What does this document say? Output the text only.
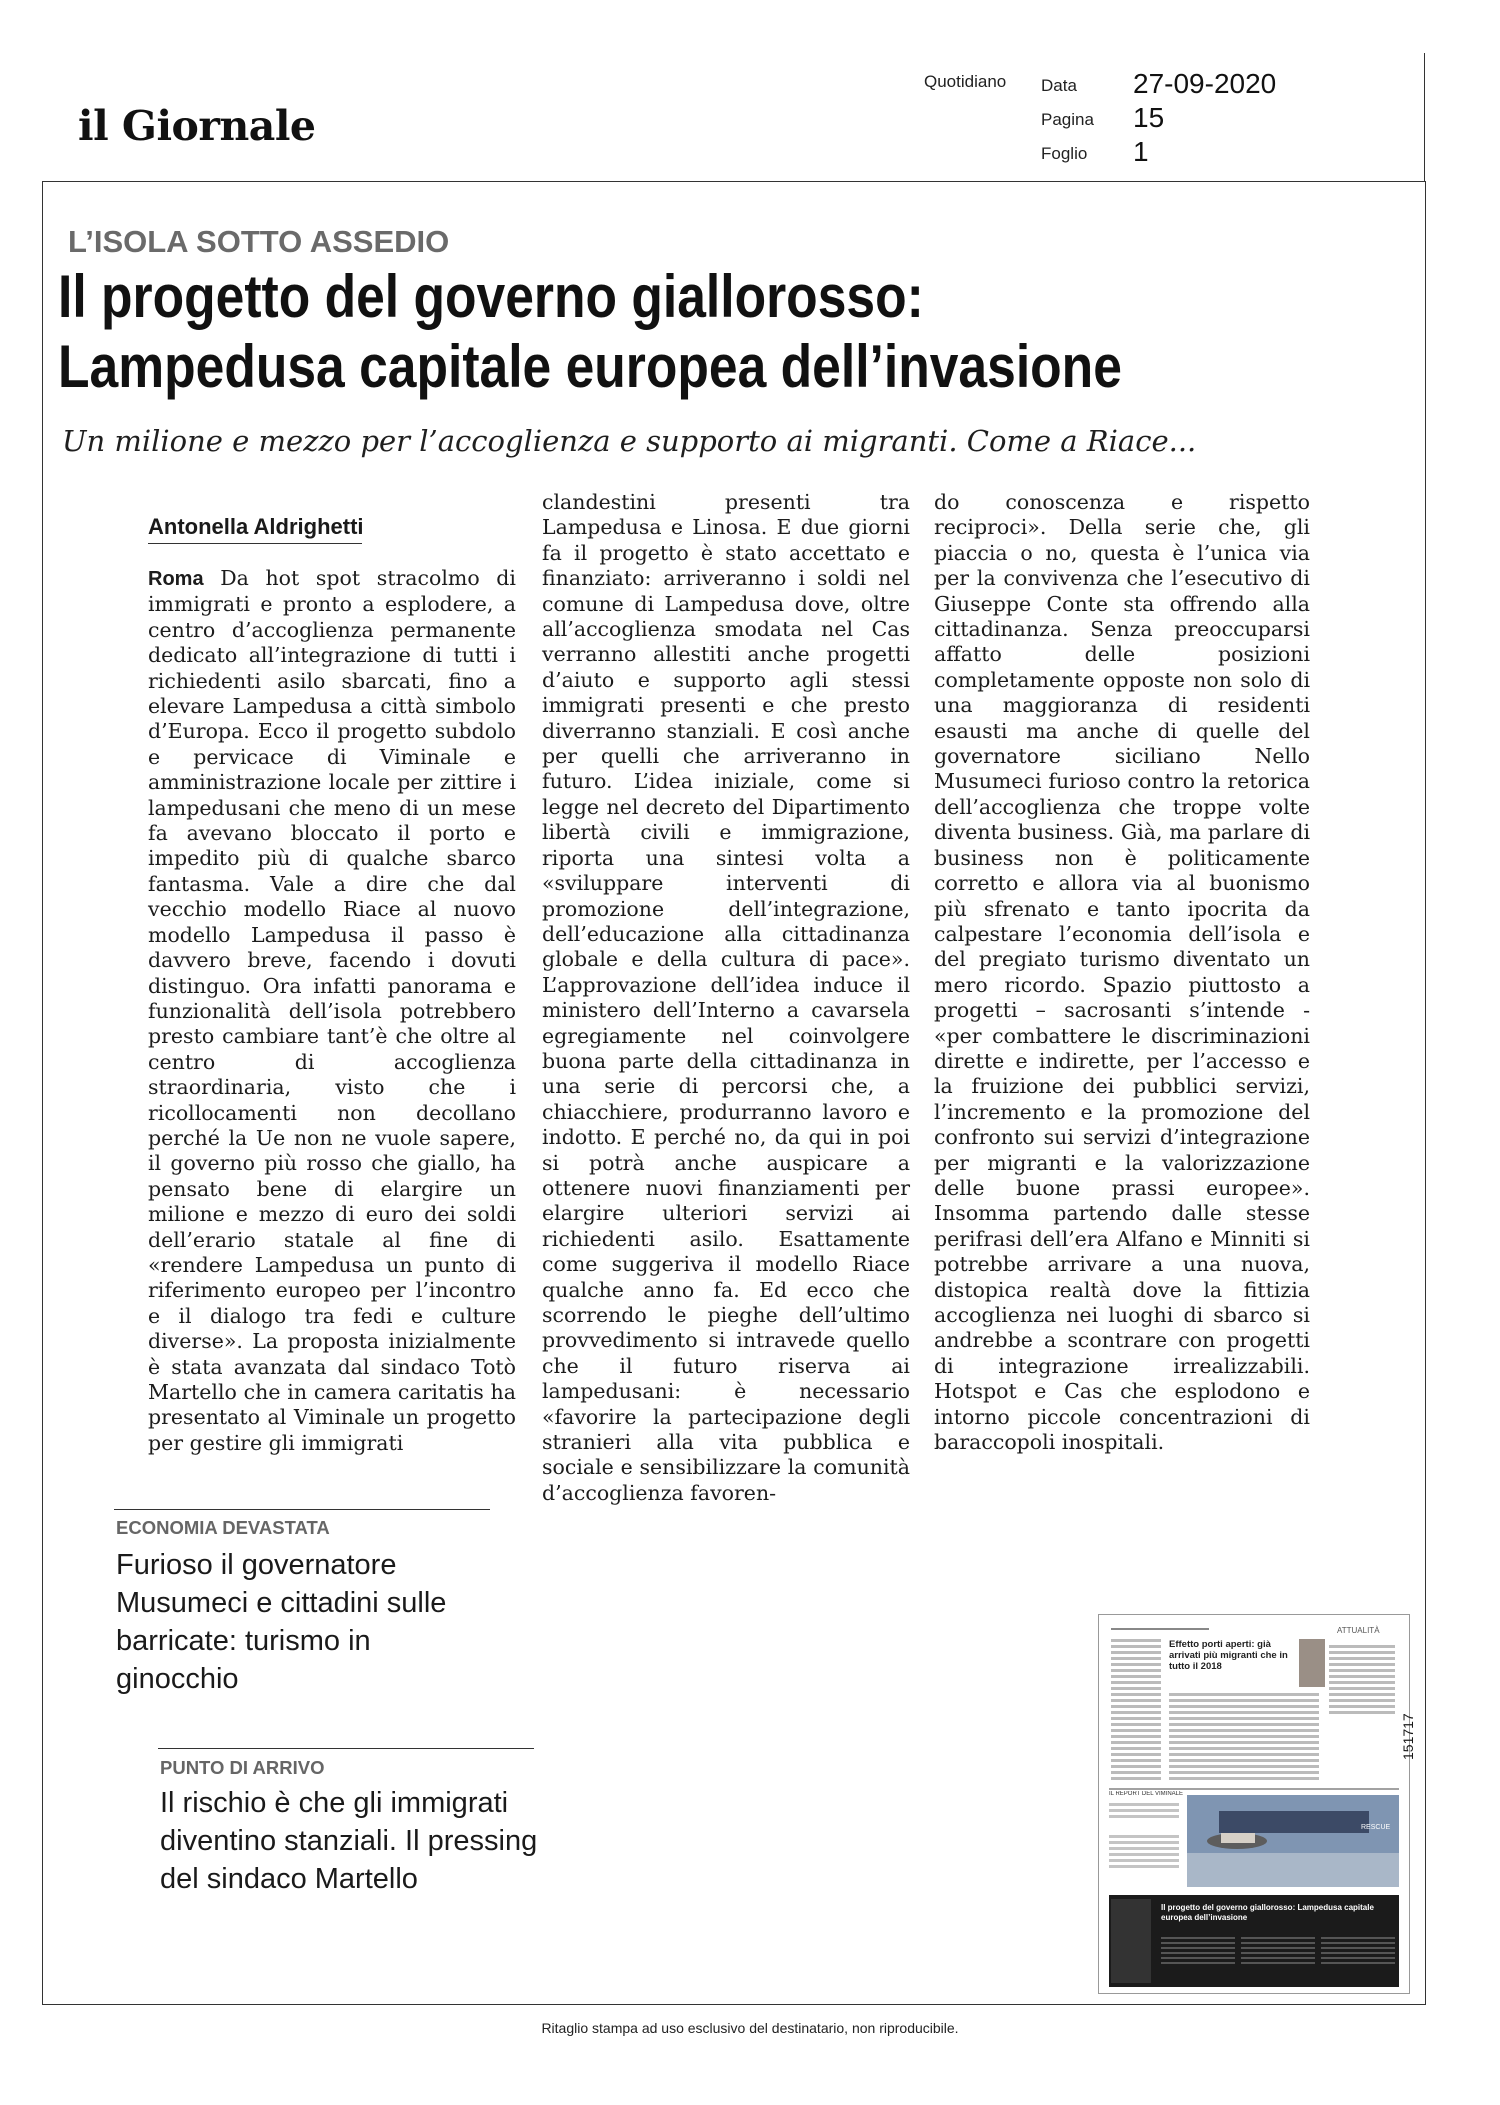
il Giornale
Quotidiano Data 27-09-2020
Pagina 15
Foglio 1
L’ISOLA SOTTO ASSEDIO
Il progetto del governo giallorosso:
Lampedusa capitale europea dell’invasione
Un milione e mezzo per l’accoglienza e supporto ai migranti. Come a Riace...
Antonella Aldrighetti

Roma Da hot spot stracolmo di immigrati e pronto a esplodere, a centro d’accoglienza permanente dedicato all’integrazione di tutti i richiedenti asilo sbarcati, fino a elevare Lampedusa a città simbolo d’Europa. Ecco il progetto subdolo e pervicace di Viminale e amministrazione locale per zittire i lampedusani che meno di un mese fa avevano bloccato il porto e impedito più di qualche sbarco fantasma. Vale a dire che dal vecchio modello Riace al nuovo modello Lampedusa il passo è davvero breve, facendo i dovuti distinguo. Ora infatti panorama e funzionalità dell’isola potrebbero presto cambiare tant’è che oltre al centro di accoglienza straordinaria, visto che i ricollocamenti non decollano perché la Ue non ne vuole sapere, il governo più rosso che giallo, ha pensato bene di elargire un milione e mezzo di euro dei soldi dell’erario statale al fine di «rendere Lampedusa un punto di riferimento europeo per l’incontro e il dialogo tra fedi e culture diverse». La proposta inizialmente è stata avanzata dal sindaco Totò Martello che in camera caritatis ha presentato al Viminale un progetto per gestire gli immigrati

clandestini presenti tra Lampedusa e Linosa. E due giorni fa il progetto è stato accettato e finanziato: arriveranno i soldi nel comune di Lampedusa dove, oltre all’accoglienza smodata nel Cas verranno allestiti anche progetti d’aiuto e supporto agli stessi immigrati presenti e che presto diverranno stanziali. E così anche per quelli che arriveranno in futuro. L’idea iniziale, come si legge nel decreto del Dipartimento libertà civili e immigrazione, riporta una sintesi volta a «sviluppare interventi di promozione dell’integrazione, dell’educazione alla cittadinanza globale e della cultura di pace». L’approvazione dell’idea induce il ministero dell’Interno a cavarsela egregiamente nel coinvolgere buona parte della cittadinanza in una serie di percorsi che, a chiacchiere, produrranno lavoro e indotto. E perché no, da qui in poi si potrà anche auspicare a ottenere nuovi finanziamenti per elargire ulteriori servizi ai richiedenti asilo. Esattamente come suggeriva il modello Riace qualche anno fa. Ed ecco che scorrendo le pieghe dell’ultimo provvedimento si intravede quello che il futuro riserva ai lampedusani: è necessario «favorire la partecipazione degli stranieri alla vita pubblica e sociale e sensibilizzare la comunità d’accoglienza favoren-

do conoscenza e rispetto reciproci». Della serie che, gli piaccia o no, questa è l’unica via per la convivenza che l’esecutivo di Giuseppe Conte sta offrendo alla cittadinanza. Senza preoccuparsi affatto delle posizioni completamente opposte non solo di una maggioranza di residenti esausti ma anche di quelle del governatore siciliano Nello Musumeci furioso contro la retorica dell’accoglienza che troppe volte diventa business. Già, ma parlare di business non è politicamente corretto e allora via al buonismo più sfrenato e tanto ipocrita da calpestare l’economia dell’isola e del pregiato turismo diventato un mero ricordo. Spazio piuttosto a progetti – sacrosanti s’intende - «per combattere le discriminazioni dirette e indirette, per l’accesso e la fruizione dei pubblici servizi, l’incremento e la promozione del confronto sui servizi d’integrazione per migranti e la valorizzazione delle buone prassi europee». Insomma partendo dalle stesse perifrasi dell’era Alfano e Minniti si potrebbe arrivare a una nuova, distopica realtà dove la fittizia accoglienza nei luoghi di sbarco si andrebbe a scontrare con progetti di integrazione irrealizzabili. Hotspot e Cas che esplodono e intorno piccole concentrazioni di baraccopoli inospitali.

ECONOMIA DEVASTATA
Furioso il governatore Musumeci e cittadini sulle barricate: turismo in ginocchio
PUNTO DI ARRIVO
Il rischio è che gli immigrati diventino stanziali. Il pressing del sindaco Martello
ATTUALITÀ
Effetto porti aperti: già arrivati più migranti che in tutto il 2018
IL REPORT DEL VIMINALE
RESCUE
Il progetto del governo giallorosso: Lampedusa capitale europea dell’invasione
151717
Ritaglio stampa ad uso esclusivo del destinatario, non riproducibile.
